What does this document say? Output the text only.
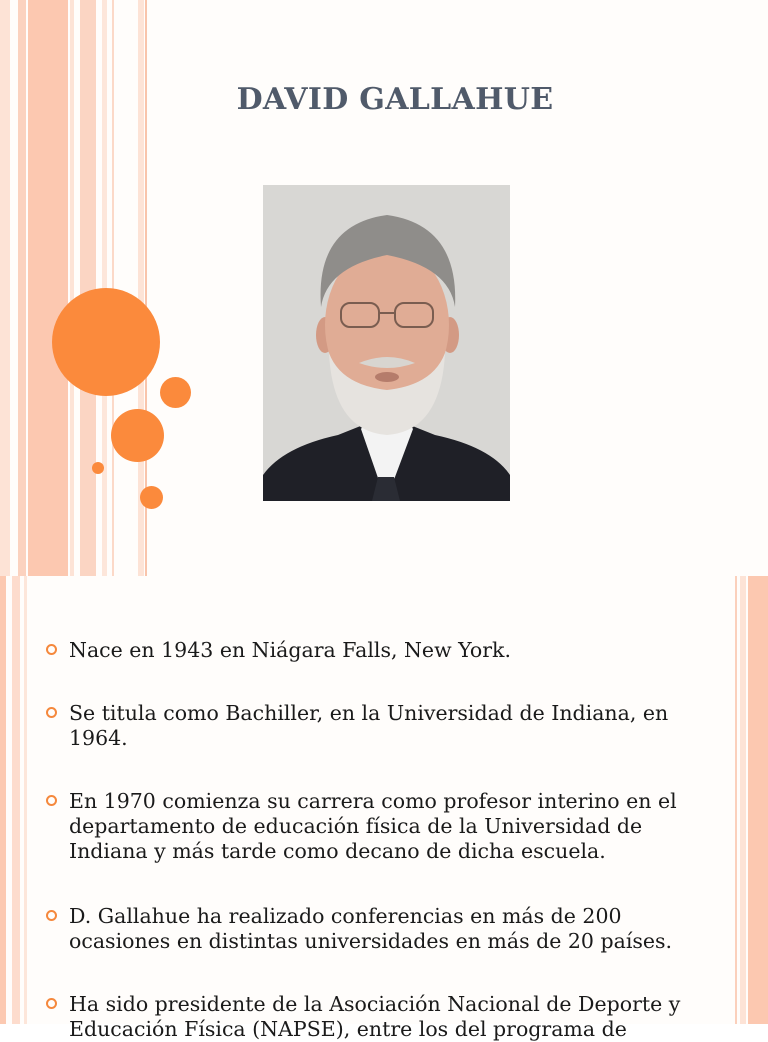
DAVID GALLAHUE
Nace en 1943 en Niágara Falls, New York.
Se titula como Bachiller, en la Universidad de Indiana, en 1964.
En 1970 comienza su carrera como profesor interino en el departamento de educación física de la Universidad de Indiana y más tarde como decano de dicha escuela.
D. Gallahue ha realizado conferencias en más de 200 ocasiones en distintas universidades en más de 20 países.
Ha sido presidente de la Asociación Nacional de Deporte y Educación Física (NAPSE), entre los del programa de
